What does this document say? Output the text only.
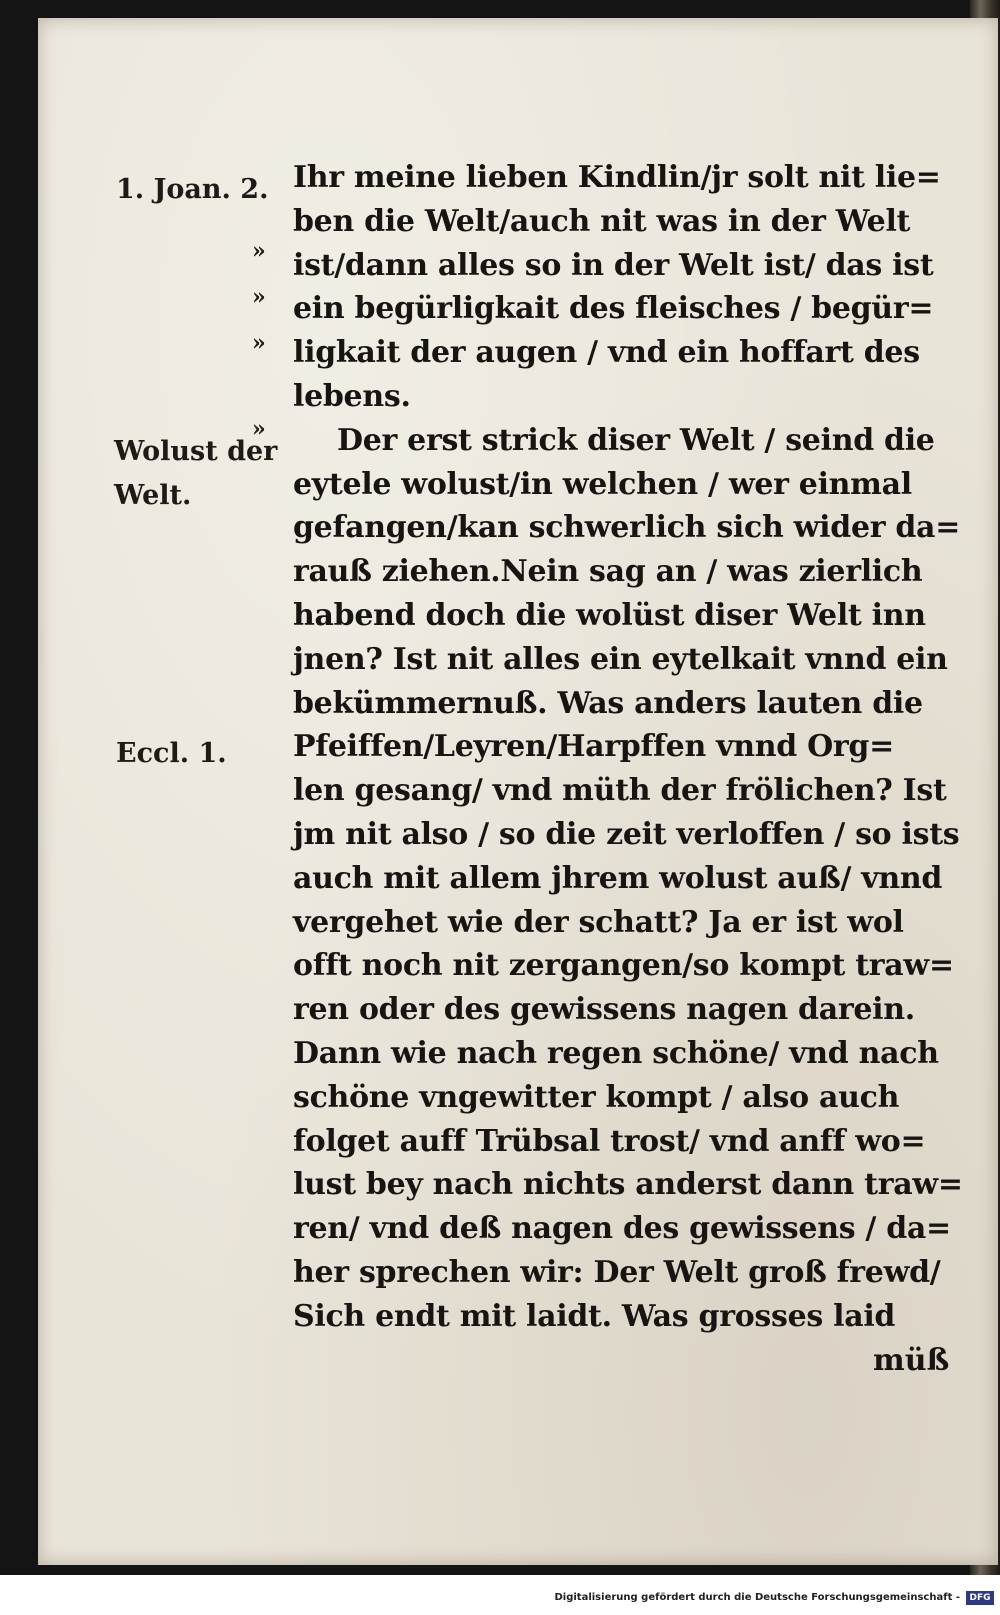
Ihr meine lieben Kindlin/jr solt nit lie=
ben die Welt/auch nit was in der Welt
ist/dann alles so in der Welt ist/ das ist
ein begürligkait des fleisches / begür=
ligkait der augen / vnd ein hoffart des
lebens.
Der erst strick diser Welt / seind die
eytele wolust/in welchen / wer einmal
gefangen/kan schwerlich sich wider da=
rauß ziehen.Nein sag an / was zierlich
habend doch die wolüst diser Welt inn
jnen? Ist nit alles ein eytelkait vnnd ein
bekümmernuß. Was anders lauten die
Pfeiffen/Leyren/Harpffen vnnd Org=
len gesang/ vnd müth der frölichen? Ist
jm nit also / so die zeit verloffen / so ists
auch mit allem jhrem wolust auß/ vnnd
vergehet wie der schatt? Ja er ist wol
offt noch nit zergangen/so kompt traw=
ren oder des gewissens nagen darein.
Dann wie nach regen schöne/ vnd nach
schöne vngewitter kompt / also auch
folget auff Trübsal trost/ vnd anff wo=
lust bey nach nichts anderst dann traw=
ren/ vnd deß nagen des gewissens / da=
her sprechen wir: Der Welt groß frewd/
Sich endt mit laidt. Was grosses laid
müß
1. Joan. 2.
Wolust der
Welt.
Eccl. 1.
»
»
»
»
Digitalisierung gefördert durch die Deutsche Forschungsgemeinschaft -	DFG
